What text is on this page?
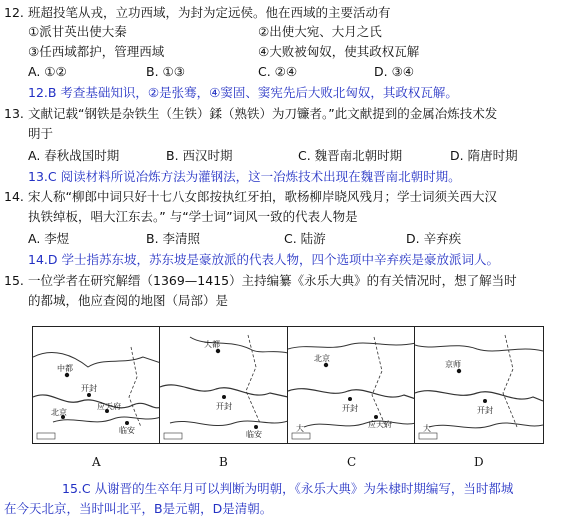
12. 班超投笔从戎，立功西域，为封为定远侯。他在西域的主要活动有
①派甘英出使大秦	②出使大宛、大月之氏
③任西域都护，管理西域	④大败被匈奴，使其政权瓦解
A. ①②	B. ①③	C. ②④	D. ③④
12.B 考查基础知识，②是张骞，④窦固、窦宪先后大败北匈奴，其政权瓦解。
13. 文献记载“钢铁是杂铁生（生铁）鍒（熟铁）为刀镰者。”此文献提到的金属冶炼技术发
明于
A. 春秋战国时期	B. 西汉时期	C. 魏晋南北朝时期	D. 隋唐时期
13.C 阅读材料所说冶炼方法为灌钢法，这一冶炼技术出现在魏晋南北朝时期。
14. 宋人称“柳郎中词只好十七八女郎按执红牙拍，歌杨柳岸晓风残月；学士词须关西大汉
执铁绰板，唱大江东去。” 与“学士词”词风一致的代表人物是
A. 李煜	B. 李清照	C. 陆游	D. 辛弃疾
14.D 学士指苏东坡，苏东坡是豪放派的代表人物，四个选项中辛弃疾是豪放派词人。
15. 一位学者在研究解缙（1369—1415）主持编纂《永乐大典》的有关情况时，想了解当时
的都城，他应查阅的地图（局部）是
中都
开封
应天府
北京
临安
大都
开封
临安
北京
开封
应天府
大
京师
开封
大
A	B	C	D
15.C 从谢晋的生卒年月可以判断为明朝，《永乐大典》为朱棣时期编写，当时都城
在今天北京，当时叫北平，B是元朝，D是清朝。
